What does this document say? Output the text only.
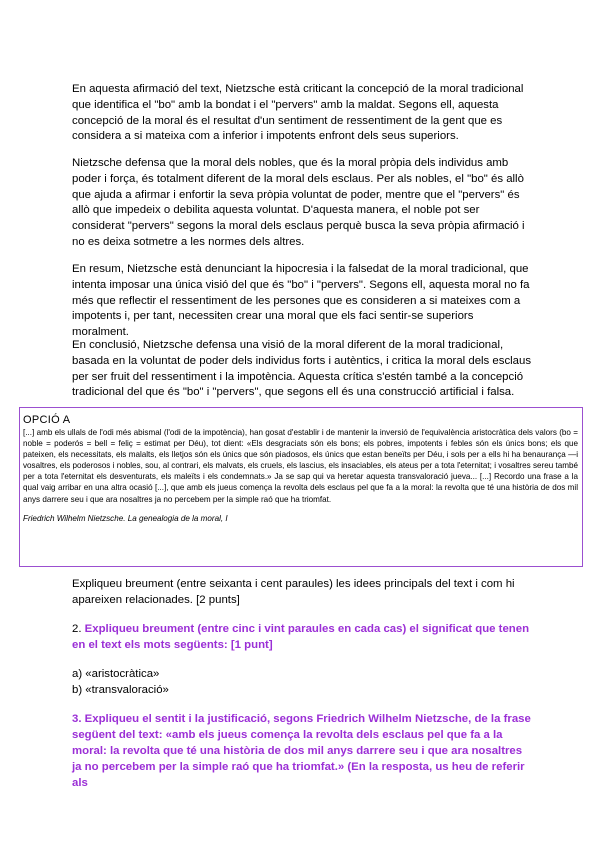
En aquesta afirmació del text, Nietzsche està criticant la concepció de la moral tradicional que identifica el "bo" amb la bondat i el "pervers" amb la maldat. Segons ell, aquesta concepció de la moral és el resultat d'un sentiment de ressentiment de la gent que es considera a si mateixa com a inferior i impotents enfront dels seus superiors.

Nietzsche defensa que la moral dels nobles, que és la moral pròpia dels individus amb poder i força, és totalment diferent de la moral dels esclaus. Per als nobles, el "bo" és allò que ajuda a afirmar i enfortir la seva pròpia voluntat de poder, mentre que el "pervers" és allò que impedeix o debilita aquesta voluntat. D'aquesta manera, el noble pot ser considerat "pervers" segons la moral dels esclaus perquè busca la seva pròpia afirmació i no es deixa sotmetre a les normes dels altres.

En resum, Nietzsche està denunciant la hipocresia i la falsedat de la moral tradicional, que intenta imposar una única visió del que és "bo" i "pervers". Segons ell, aquesta moral no fa més que reflectir el ressentiment de les persones que es consideren a si mateixes com a impotents i, per tant, necessiten crear una moral que els faci sentir-se superiors moralment.

En conclusió, Nietzsche defensa una visió de la moral diferent de la moral tradicional, basada en la voluntat de poder dels individus forts i autèntics, i critica la moral dels esclaus per ser fruit del ressentiment i la impotència. Aquesta crítica s'estén també a la concepció tradicional del que és "bo" i "pervers", que segons ell és una construcció artificial i falsa.

OPCIÓ A

[...] amb els ullals de l'odi més abismal (l'odi de la impotència), han gosat d'establir i de mantenir la inversió de l'equivalència aristocràtica dels valors (bo = noble = poderós = bell = feliç = estimat per Déu), tot dient: «Els desgraciats són els bons; els pobres, impotents i febles són els únics bons; els que pateixen, els necessitats, els malalts, els lletjos són els únics que són piadosos, els únics que estan beneïts per Déu, i sols per a ells hi ha benaurança —i vosaltres, els poderosos i nobles, sou, al contrari, els malvats, els cruels, els lascius, els insaciables, els ateus per a tota l'eternitat; i vosaltres sereu també per a tota l'eternitat els desventurats, els maleïts i els condemnats.» Ja se sap qui va heretar aquesta transvaloració jueva... [...] Recordo una frase a la qual vaig arribar en una altra ocasió [...], que amb els jueus comença la revolta dels esclaus pel que fa a la moral: la revolta que té una història de dos mil anys darrere seu i que ara nosaltres ja no percebem per la simple raó que ha triomfat.

Friedrich Wilhelm Nietzsche. La genealogia de la moral, I

Expliqueu breument (entre seixanta i cent paraules) les idees principals del text i com hi apareixen relacionades. [2 punts]

2. Expliqueu breument (entre cinc i vint paraules en cada cas) el significat que tenen en el text els mots següents: [1 punt]

a) «aristocràtica»

b) «transvaloració»

3. Expliqueu el sentit i la justificació, segons Friedrich Wilhelm Nietzsche, de la frase següent del text: «amb els jueus comença la revolta dels esclaus pel que fa a la moral: la revolta que té una història de dos mil anys darrere seu i que ara nosaltres ja no percebem per la simple raó que ha triomfat.» (En la resposta, us heu de referir als
